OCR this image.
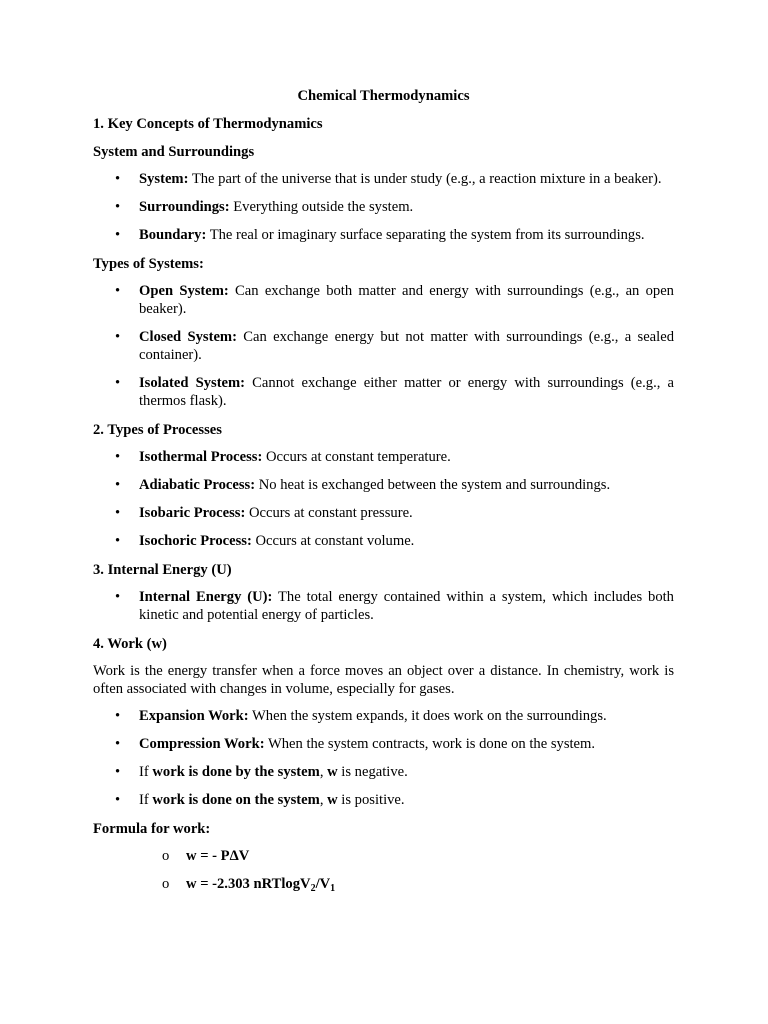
Chemical Thermodynamics
1. Key Concepts of Thermodynamics
System and Surroundings
• System: The part of the universe that is under study (e.g., a reaction mixture in a beaker).
• Surroundings: Everything outside the system.
• Boundary: The real or imaginary surface separating the system from its surroundings.
Types of Systems:
• Open System: Can exchange both matter and energy with surroundings (e.g., an open beaker).
• Closed System: Can exchange energy but not matter with surroundings (e.g., a sealed container).
• Isolated System: Cannot exchange either matter or energy with surroundings (e.g., a thermos flask).
2. Types of Processes
• Isothermal Process: Occurs at constant temperature.
• Adiabatic Process: No heat is exchanged between the system and surroundings.
• Isobaric Process: Occurs at constant pressure.
• Isochoric Process: Occurs at constant volume.
3. Internal Energy (U)
• Internal Energy (U): The total energy contained within a system, which includes both kinetic and potential energy of particles.
4. Work (w)
Work is the energy transfer when a force moves an object over a distance. In chemistry, work is often associated with changes in volume, especially for gases.
• Expansion Work: When the system expands, it does work on the surroundings.
• Compression Work: When the system contracts, work is done on the system.
• If work is done by the system, w is negative.
• If work is done on the system, w is positive.
Formula for work:
o w = - PΔV
o w = -2.303 $nRTlogV_2/V_1$
